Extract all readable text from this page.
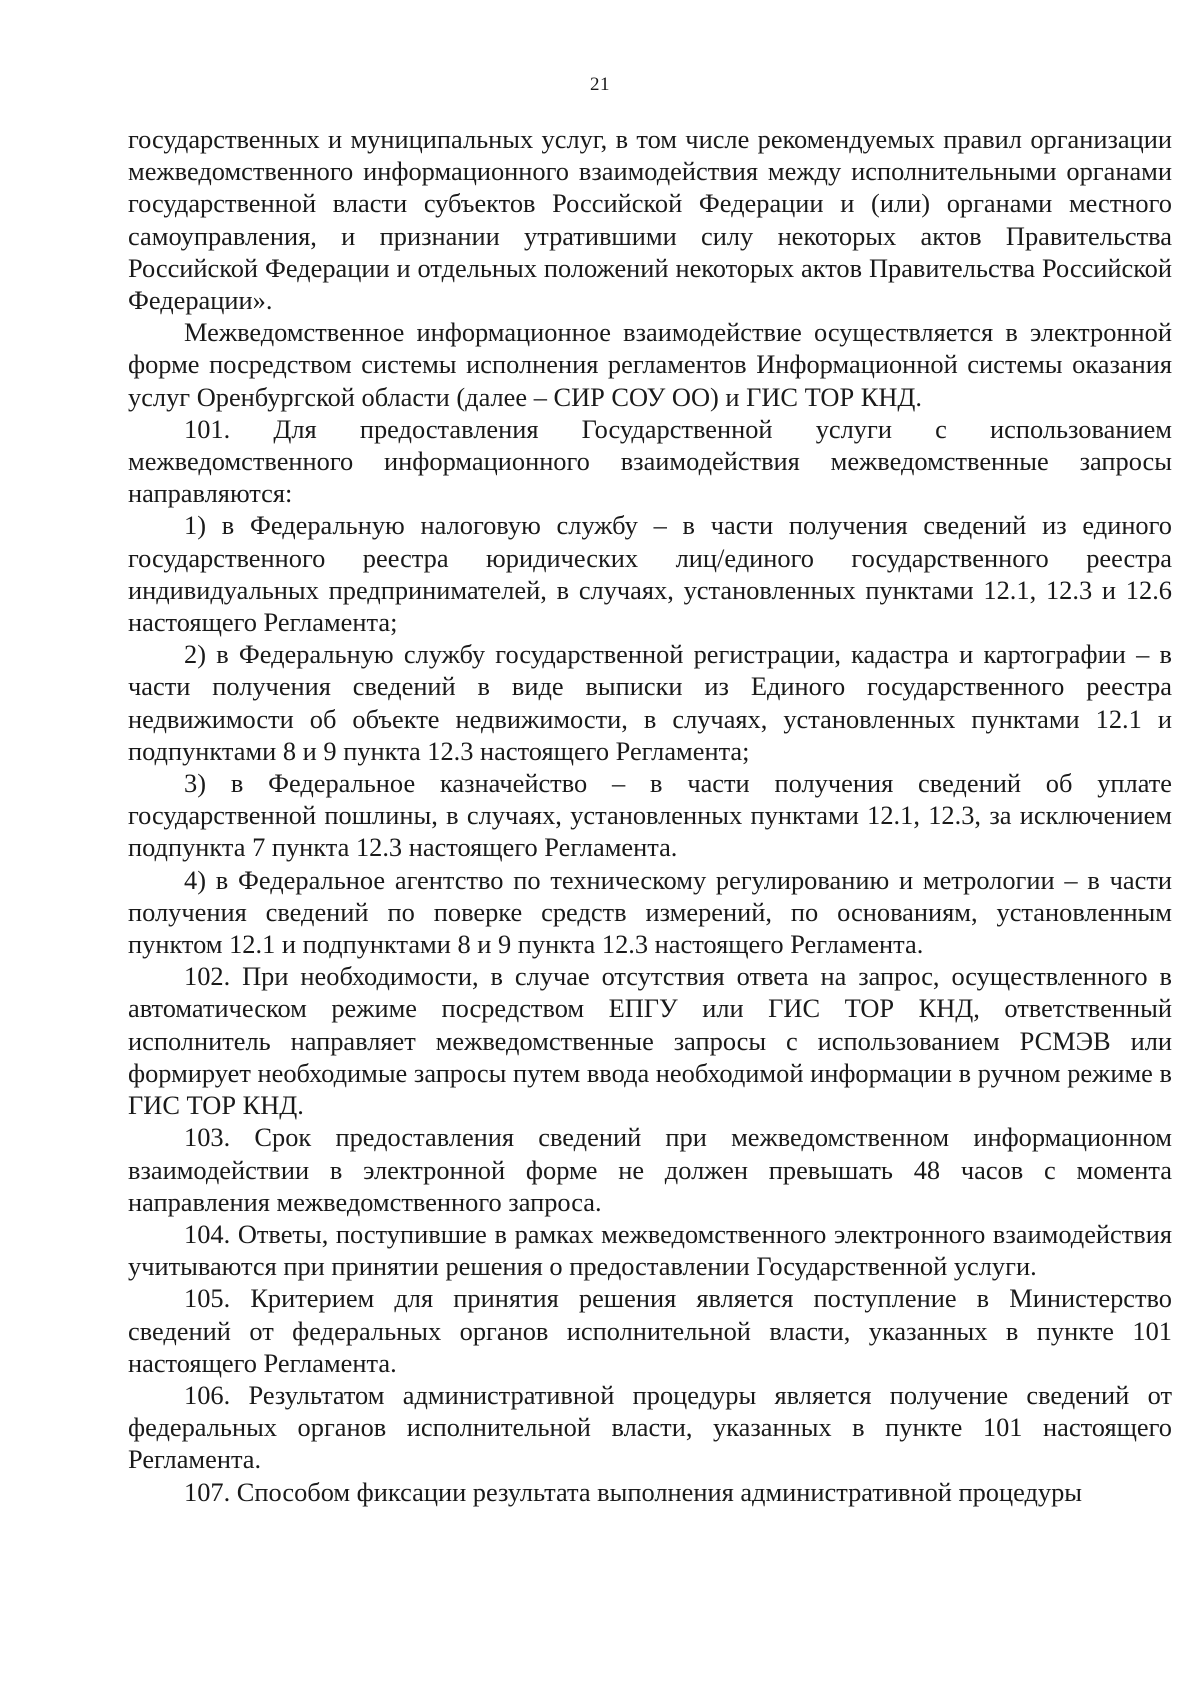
21

государственных и муниципальных услуг, в том числе рекомендуемых правил организации межведомственного информационного взаимодействия между исполнительными органами государственной власти субъектов Российской Федерации и (или) органами местного самоуправления, и признании утратившими силу некоторых актов Правительства Российской Федерации и отдельных положений некоторых актов Правительства Российской Федерации».

Межведомственное информационное взаимодействие осуществляется в электронной форме посредством системы исполнения регламентов Информационной системы оказания услуг Оренбургской области (далее – СИР СОУ ОО) и ГИС ТОР КНД.

101. Для предоставления Государственной услуги с использованием межведомственного информационного взаимодействия межведомственные запросы направляются:

1) в Федеральную налоговую службу – в части получения сведений из единого государственного реестра юридических лиц/единого государственного реестра индивидуальных предпринимателей, в случаях, установленных пунктами 12.1, 12.3 и 12.6 настоящего Регламента;

2) в Федеральную службу государственной регистрации, кадастра и картографии – в части получения сведений в виде выписки из Единого государственного реестра недвижимости об объекте недвижимости, в случаях, установленных пунктами 12.1 и подпунктами 8 и 9 пункта 12.3 настоящего Регламента;

3) в Федеральное казначейство – в части получения сведений об уплате государственной пошлины, в случаях, установленных пунктами 12.1, 12.3, за исключением подпункта 7 пункта 12.3 настоящего Регламента.

4) в Федеральное агентство по техническому регулированию и метрологии – в части получения сведений по поверке средств измерений, по основаниям, установленным пунктом 12.1 и подпунктами 8 и 9 пункта 12.3 настоящего Регламента.

102. При необходимости, в случае отсутствия ответа на запрос, осуществленного в автоматическом режиме посредством ЕПГУ или ГИС ТОР КНД, ответственный исполнитель направляет межведомственные запросы с использованием РСМЭВ или формирует необходимые запросы путем ввода необходимой информации в ручном режиме в ГИС ТОР КНД.

103. Срок предоставления сведений при межведомственном информационном взаимодействии в электронной форме не должен превышать 48 часов с момента направления межведомственного запроса.

104. Ответы, поступившие в рамках межведомственного электронного взаимодействия учитываются при принятии решения о предоставлении Государственной услуги.

105. Критерием для принятия решения является поступление в Министерство сведений от федеральных органов исполнительной власти, указанных в пункте 101 настоящего Регламента.

106. Результатом административной процедуры является получение сведений от федеральных органов исполнительной власти, указанных в пункте 101 настоящего Регламента.

107. Способом фиксации результата выполнения административной процедуры
